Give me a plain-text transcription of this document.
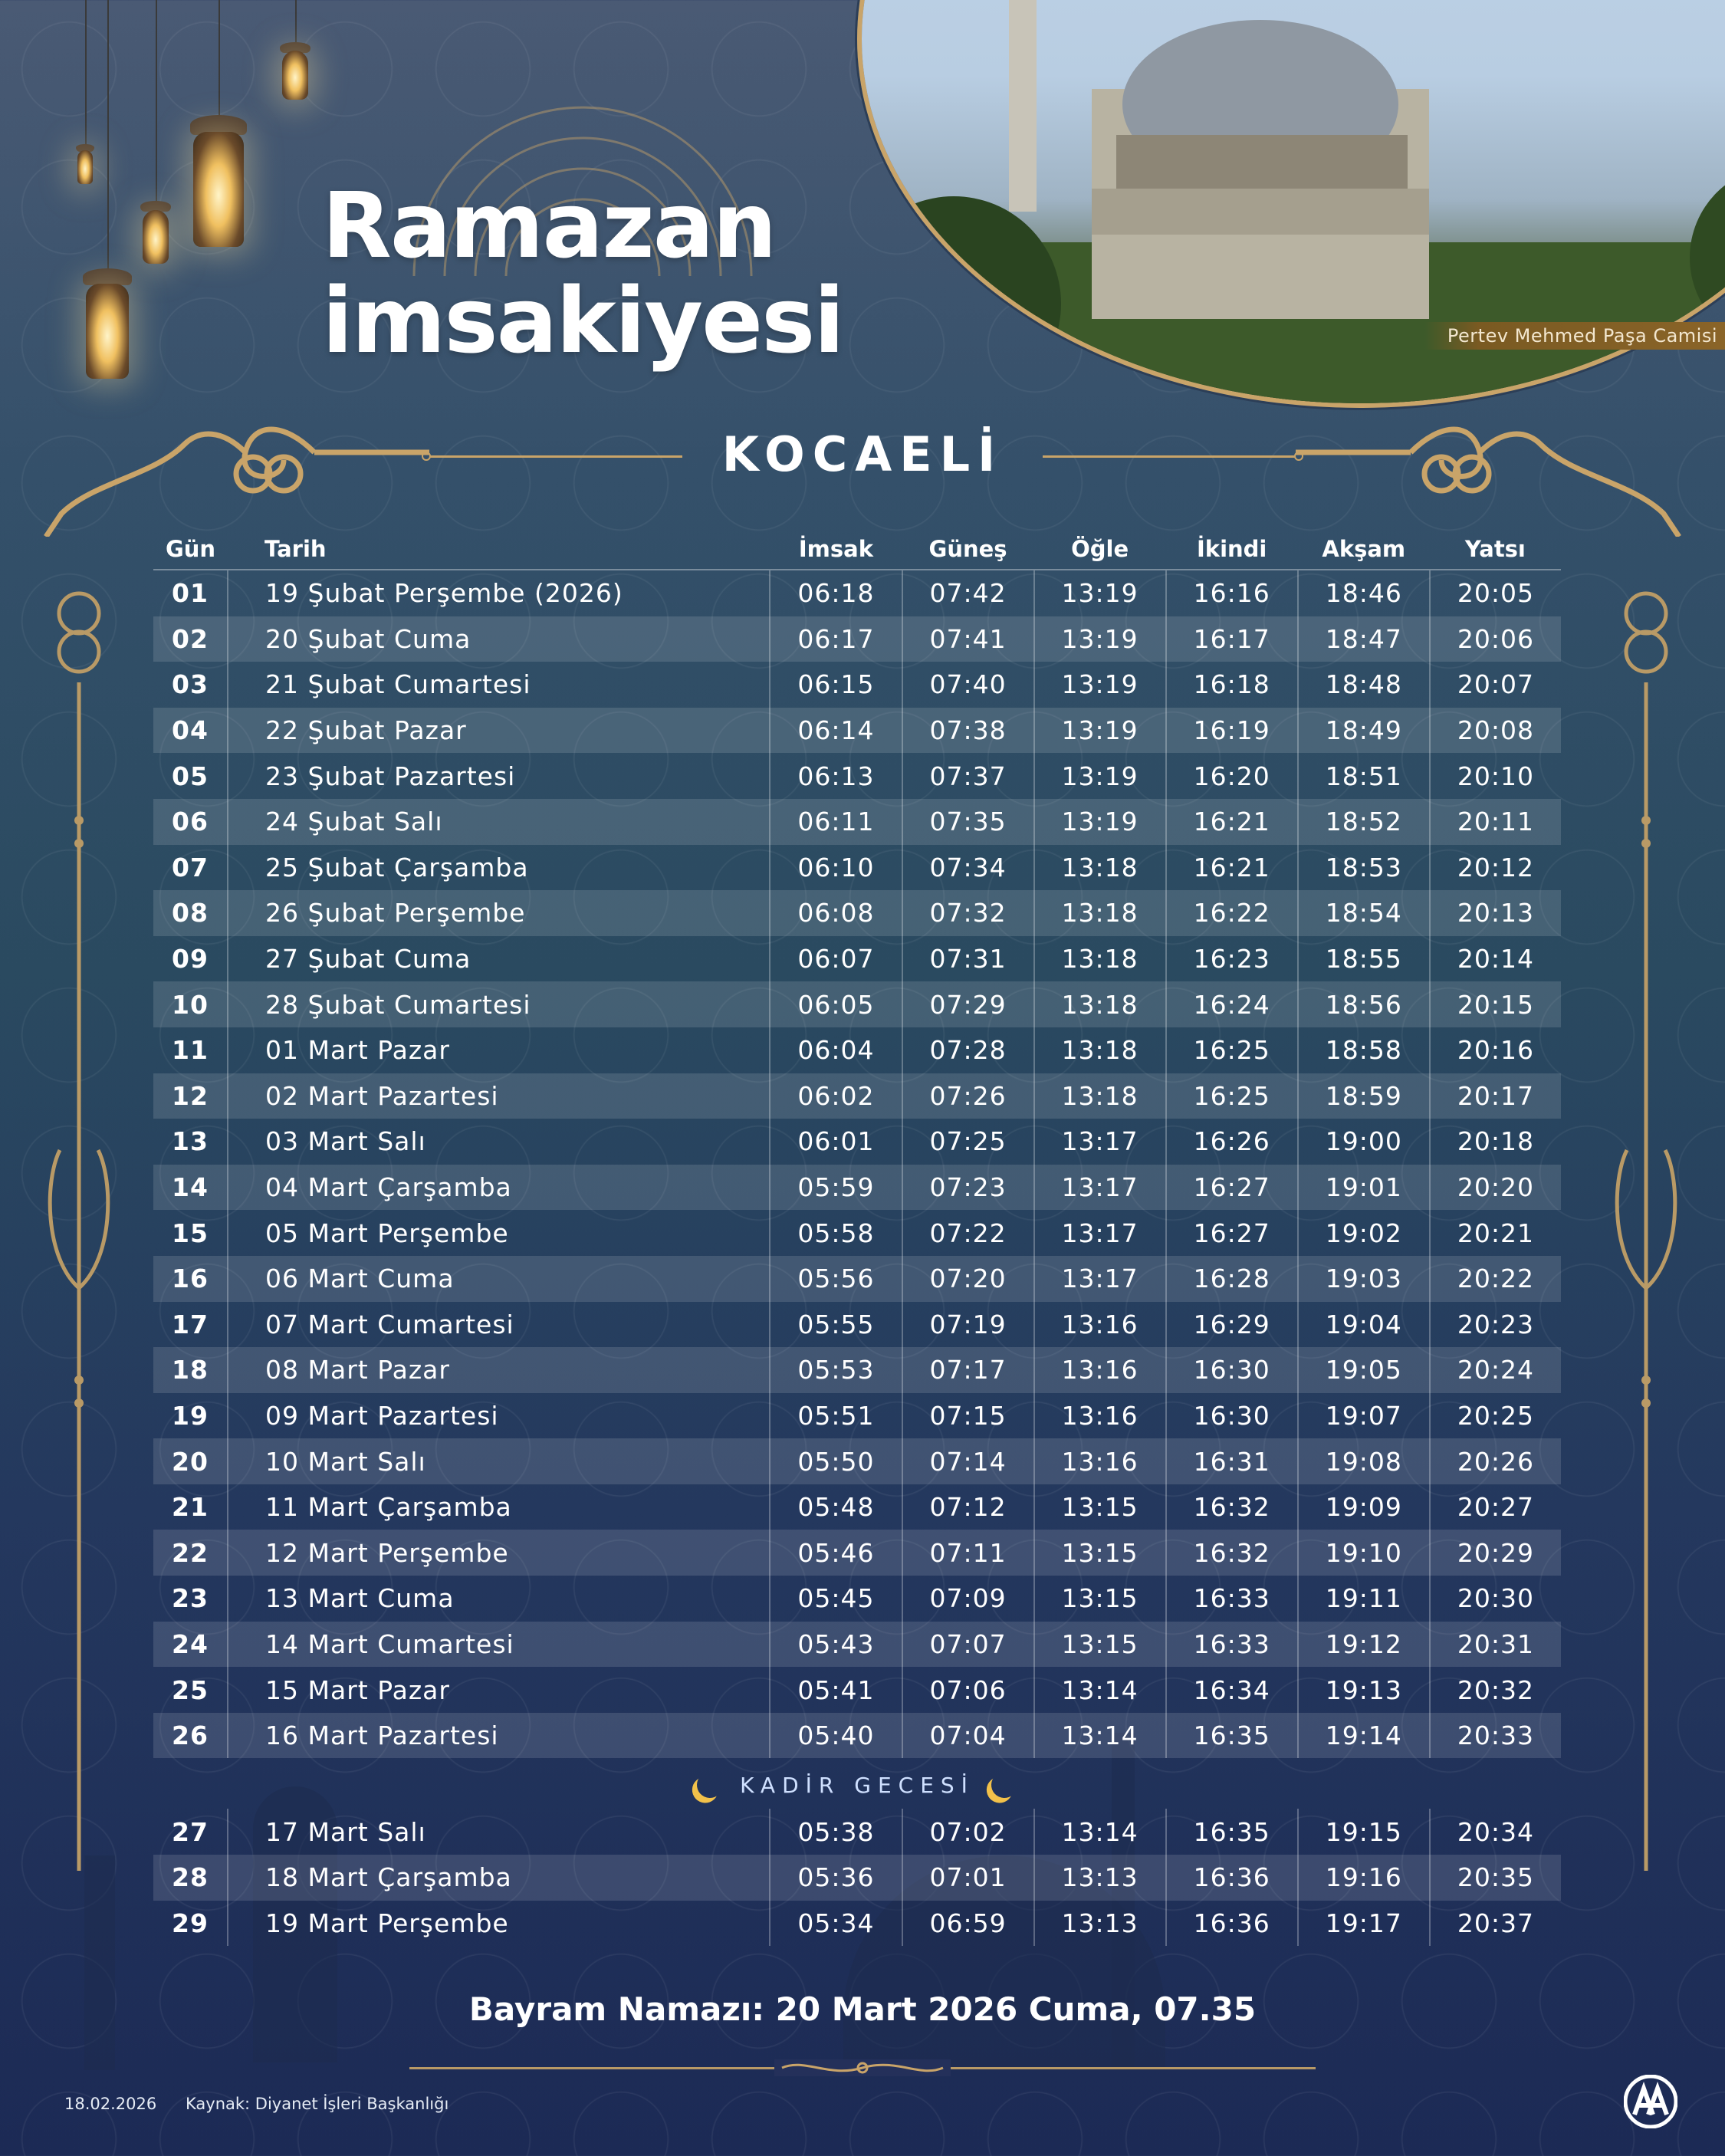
Ramazan
imsakiyesi	Pertev Mehmed Paşa Camisi
KOCAELİ
Gün	Tarih	İmsak	Güneş	Öğle	İkindi	Akşam	Yatsı
01	19 Şubat Perşembe (2026)	06:18	07:42	13:19	16:16	18:46	20:05
02	20 Şubat Cuma	06:17	07:41	13:19	16:17	18:47	20:06
03	21 Şubat Cumartesi	06:15	07:40	13:19	16:18	18:48	20:07
04	22 Şubat Pazar	06:14	07:38	13:19	16:19	18:49	20:08
05	23 Şubat Pazartesi	06:13	07:37	13:19	16:20	18:51	20:10
06	24 Şubat Salı	06:11	07:35	13:19	16:21	18:52	20:11
07	25 Şubat Çarşamba	06:10	07:34	13:18	16:21	18:53	20:12
08	26 Şubat Perşembe	06:08	07:32	13:18	16:22	18:54	20:13
09	27 Şubat Cuma	06:07	07:31	13:18	16:23	18:55	20:14
10	28 Şubat Cumartesi	06:05	07:29	13:18	16:24	18:56	20:15
11	01 Mart Pazar	06:04	07:28	13:18	16:25	18:58	20:16
12	02 Mart Pazartesi	06:02	07:26	13:18	16:25	18:59	20:17
13	03 Mart Salı	06:01	07:25	13:17	16:26	19:00	20:18
14	04 Mart Çarşamba	05:59	07:23	13:17	16:27	19:01	20:20
15	05 Mart Perşembe	05:58	07:22	13:17	16:27	19:02	20:21
16	06 Mart Cuma	05:56	07:20	13:17	16:28	19:03	20:22
17	07 Mart Cumartesi	05:55	07:19	13:16	16:29	19:04	20:23
18	08 Mart Pazar	05:53	07:17	13:16	16:30	19:05	20:24
19	09 Mart Pazartesi	05:51	07:15	13:16	16:30	19:07	20:25
20	10 Mart Salı	05:50	07:14	13:16	16:31	19:08	20:26
21	11 Mart Çarşamba	05:48	07:12	13:15	16:32	19:09	20:27
22	12 Mart Perşembe	05:46	07:11	13:15	16:32	19:10	20:29
23	13 Mart Cuma	05:45	07:09	13:15	16:33	19:11	20:30
24	14 Mart Cumartesi	05:43	07:07	13:15	16:33	19:12	20:31
25	15 Mart Pazar	05:41	07:06	13:14	16:34	19:13	20:32
26	16 Mart Pazartesi	05:40	07:04	13:14	16:35	19:14	20:33
KADİR GECESİ							
27	17 Mart Salı	05:38	07:02	13:14	16:35	19:15	20:34
28	18 Mart Çarşamba	05:36	07:01	13:13	16:36	19:16	20:35
29	19 Mart Perşembe	05:34	06:59	13:13	16:36	19:17	20:37
Bayram Namazı: 20 Mart 2026 Cuma, 07.35
18.02.2026 Kaynak: Diyanet İşleri Başkanlığı
